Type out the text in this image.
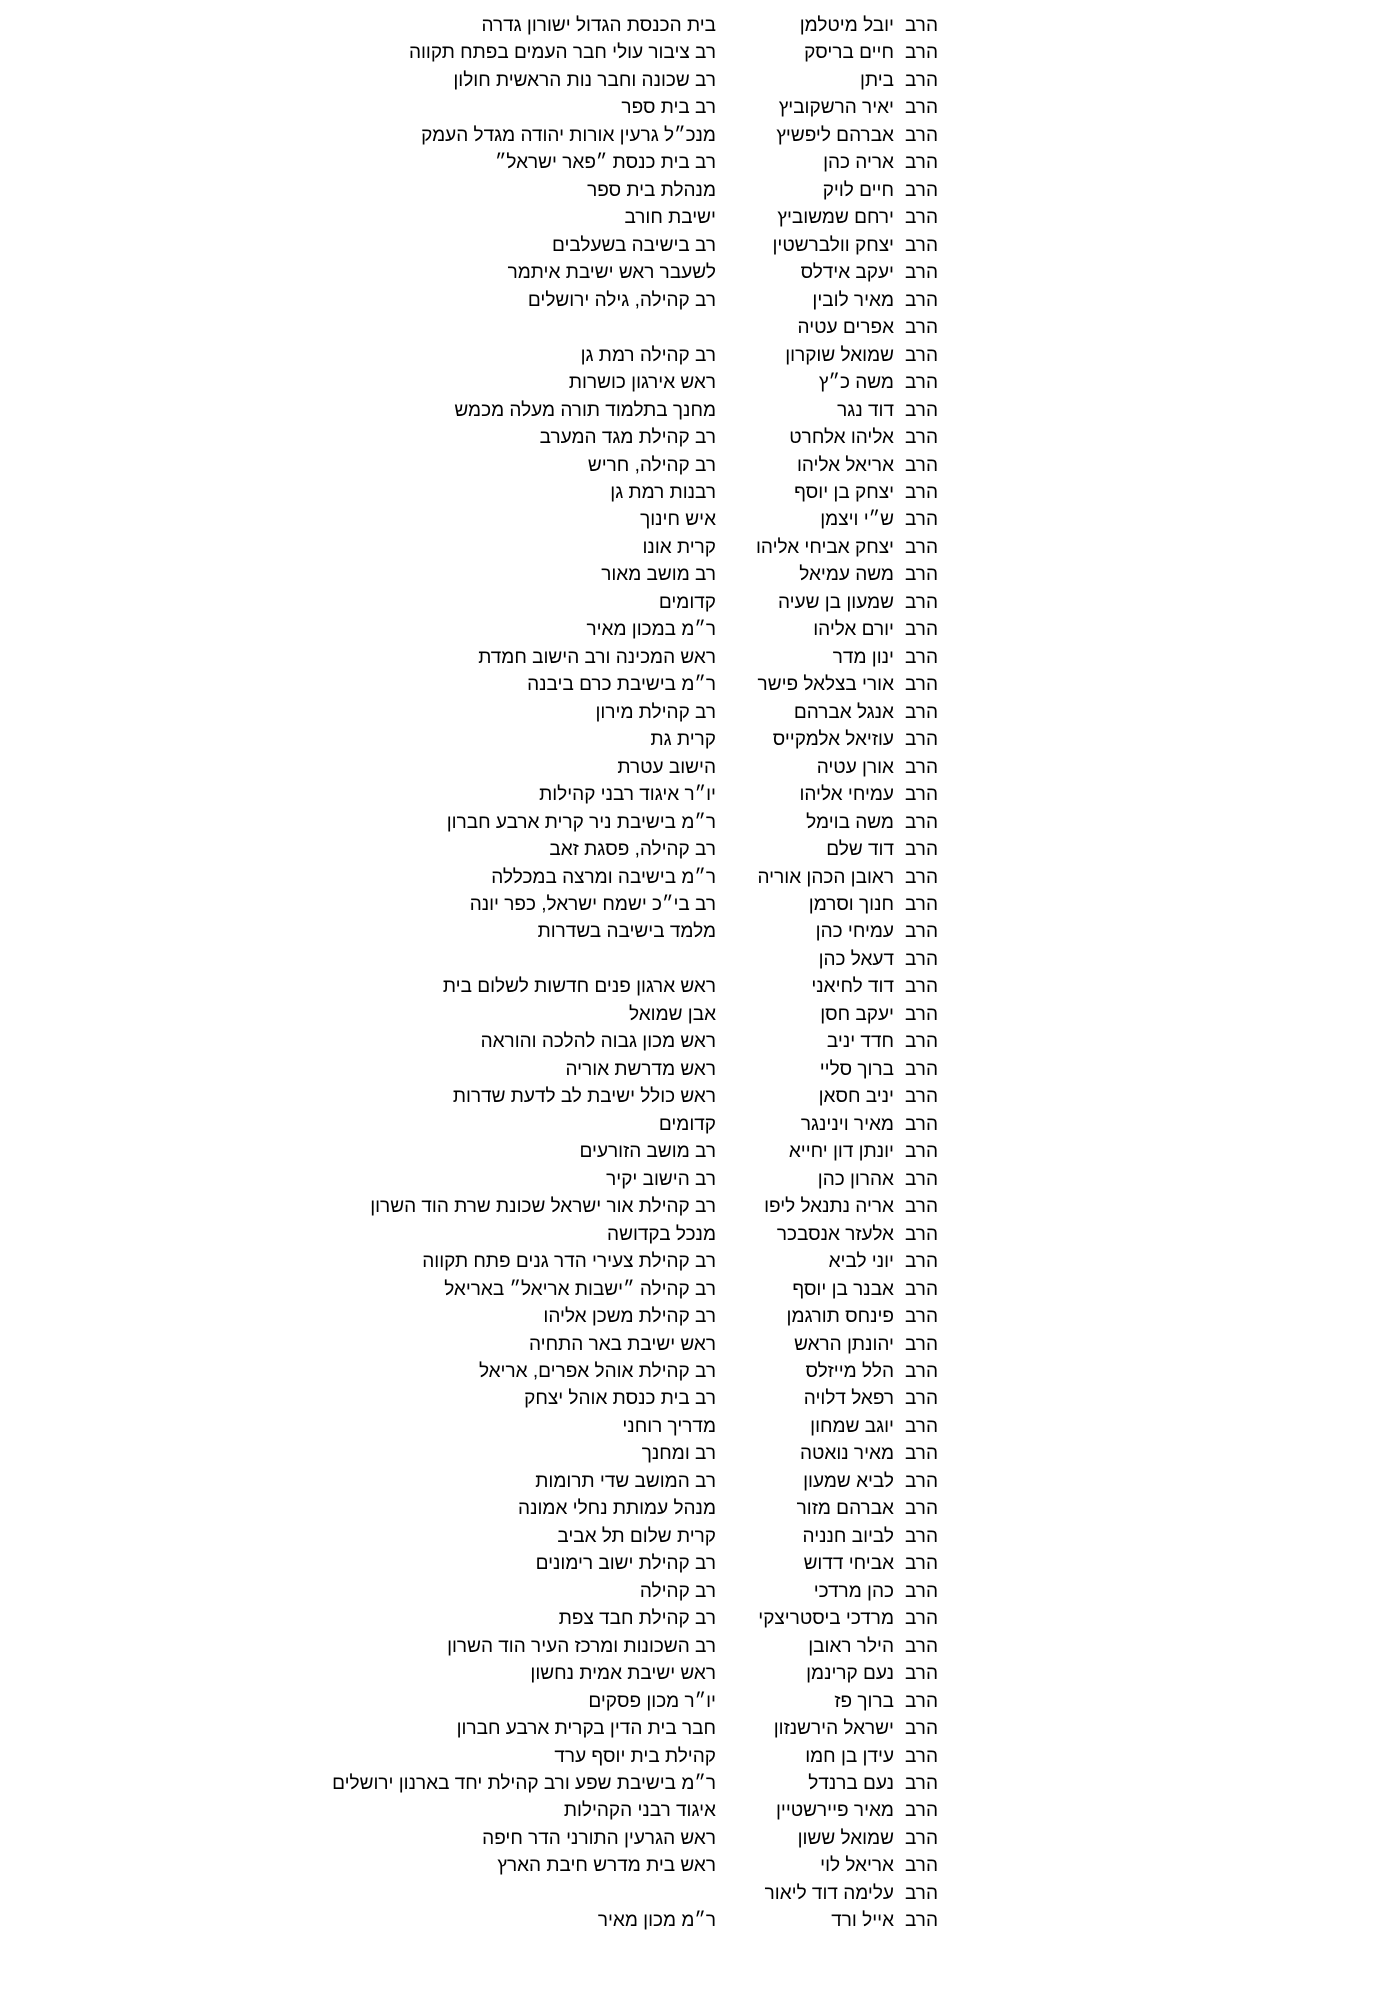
הרב
יובל מיטלמן
בית הכנסת הגדול ישורון גדרה
הרב
חיים בריסק
רב ציבור עולי חבר העמים בפתח תקווה
הרב
ביתן
רב שכונה וחבר נות הראשית חולון
הרב
יאיר הרשקוביץ
רב בית ספר
הרב
אברהם ליפשיץ
מנכ״ל גרעין אורות יהודה מגדל העמק
הרב
אריה כהן
רב בית כנסת ״פאר ישראל״
הרב
חיים לויק
מנהלת בית ספר
הרב
ירחם שמשוביץ
ישיבת חורב
הרב
יצחק וולברשטין
רב בישיבה בשעלבים
הרב
יעקב אידלס
לשעבר ראש ישיבת איתמר
הרב
מאיר לובין
רב קהילה, גילה ירושלים
הרב
אפרים עטיה
הרב
שמואל שוקרון
רב קהילה רמת גן
הרב
משה כ״ץ
ראש אירגון כושרות
הרב
דוד נגר
מחנך בתלמוד תורה מעלה מכמש
הרב
אליהו אלחרט
רב קהילת מגד המערב
הרב
אריאל אליהו
רב קהילה, חריש
הרב
יצחק בן יוסף
רבנות רמת גן
הרב
ש״י ויצמן
איש חינוך
הרב
יצחק אביחי אליהו
קרית אונו
הרב
משה עמיאל
רב מושב מאור
הרב
שמעון בן שעיה
קדומים
הרב
יורם אליהו
ר״מ במכון מאיר
הרב
ינון מדר
ראש המכינה ורב הישוב חמדת
הרב
אורי בצלאל פישר
ר״מ בישיבת כרם ביבנה
הרב
אנגל אברהם
רב קהילת מירון
הרב
עוזיאל אלמקייס
קרית גת
הרב
אורן עטיה
הישוב עטרת
הרב
עמיחי אליהו
יו״ר איגוד רבני קהילות
הרב
משה בוימל
ר״מ בישיבת ניר קרית ארבע חברון
הרב
דוד שלם
רב קהילה, פסגת זאב
הרב
ראובן הכהן אוריה
ר״מ בישיבה ומרצה במכללה
הרב
חנוך וסרמן
רב בי״כ ישמח ישראל, כפר יונה
הרב
עמיחי כהן
מלמד בישיבה בשדרות
הרב
דעאל כהן
הרב
דוד לחיאני
ראש ארגון פנים חדשות לשלום בית
הרב
יעקב חסן
אבן שמואל
הרב
חדד יניב
ראש מכון גבוה להלכה והוראה
הרב
ברוך סליי
ראש מדרשת אוריה
הרב
יניב חסאן
ראש כולל ישיבת לב לדעת שדרות
הרב
מאיר וינינגר
קדומים
הרב
יונתן דון יחייא
רב מושב הזורעים
הרב
אהרון כהן
רב הישוב יקיר
הרב
אריה נתנאל ליפו
רב קהילת אור ישראל שכונת שרת הוד השרון
הרב
אלעזר אנסבכר
מנכל בקדושה
הרב
יוני לביא
רב קהילת צעירי הדר גנים פתח תקווה
הרב
אבנר בן יוסף
רב קהילה ״ישבות אריאל״ באריאל
הרב
פינחס תורגמן
רב קהילת משכן אליהו
הרב
יהונתן הראש
ראש ישיבת באר התחיה
הרב
הלל מייזלס
רב קהילת אוהל אפרים, אריאל
הרב
רפאל דלויה
רב בית כנסת אוהל יצחק
הרב
יוגב שמחון
מדריך רוחני
הרב
מאיר נואטה
רב ומחנך
הרב
לביא שמעון
רב המושב שדי תרומות
הרב
אברהם מזור
מנהל עמותת נחלי אמונה
הרב
לביוב חנניה
קרית שלום תל אביב
הרב
אביחי דדוש
רב קהילת ישוב רימונים
הרב
כהן מרדכי
רב קהילה
הרב
מרדכי ביסטריצקי
רב קהילת חבד צפת
הרב
הילר ראובן
רב השכונות ומרכז העיר הוד השרון
הרב
נעם קרינמן
ראש ישיבת אמית נחשון
הרב
ברוך פז
יו״ר מכון פסקים
הרב
ישראל הירשנזון
חבר בית הדין בקרית ארבע חברון
הרב
עידן בן חמו
קהילת בית יוסף ערד
הרב
נעם ברנדל
ר״מ בישיבת שפע ורב קהילת יחד בארנון ירושלים
הרב
מאיר פיירשטיין
איגוד רבני הקהילות
הרב
שמואל ששון
ראש הגרעין התורני הדר חיפה
הרב
אריאל לוי
ראש בית מדרש חיבת הארץ
הרב
עלימה דוד ליאור
הרב
אייל ורד
ר״מ מכון מאיר
